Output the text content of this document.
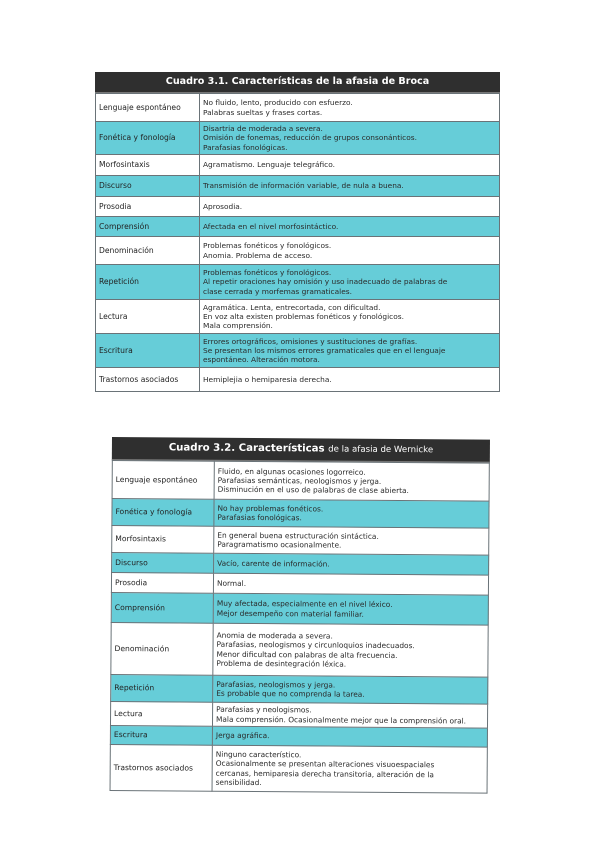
Cuadro 3.1. Características de la afasia de Broca
Lenguaje espontáneo	No fluido, lento, producido con esfuerzo.
Palabras sueltas y frases cortas.

Fonética y fonología	Disartria de moderada a severa.
Omisión de fonemas, reducción de grupos consonánticos.
Parafasias fonológicas.

Morfosintaxis	Agramatismo. Lenguaje telegráfico.

Discurso	Transmisión de información variable, de nula a buena.

Prosodia	Aprosodia.

Comprensión	Afectada en el nivel morfosintáctico.

Denominación	Problemas fonéticos y fonológicos.
Anomia. Problema de acceso.

Repetición	Problemas fonéticos y fonológicos.
Al repetir oraciones hay omisión y uso inadecuado de palabras de
clase cerrada y morfemas gramaticales.

Lectura	Agramática. Lenta, entrecortada, con dificultad.
En voz alta existen problemas fonéticos y fonológicos.
Mala comprensión.

Escritura	Errores ortográficos, omisiones y sustituciones de grafías.
Se presentan los mismos errores gramaticales que en el lenguaje
espontáneo. Alteración motora.

Trastornos asociados	Hemiplejia o hemiparesia derecha.
Cuadro 3.2. Características de la afasia de Wernicke
Lenguaje espontáneo	Fluido, en algunas ocasiones logorreico.
Parafasias semánticas, neologismos y jerga.
Disminución en el uso de palabras de clase abierta.

Fonética y fonología	No hay problemas fonéticos.
Parafasias fonológicas.

Morfosintaxis	En general buena estructuración sintáctica.
Paragramatismo ocasionalmente.

Discurso	Vacío, carente de información.

Prosodia	Normal.

Comprensión	Muy afectada, especialmente en el nivel léxico.
Mejor desempeño con material familiar.

Denominación	Anomia de moderada a severa.
Parafasias, neologismos y circunloquios inadecuados.
Menor dificultad con palabras de alta frecuencia.
Problema de desintegración léxica.

Repetición	Parafasias, neologismos y jerga.
Es probable que no comprenda la tarea.

Lectura	Parafasias y neologismos.
Mala comprensión. Ocasionalmente mejor que la comprensión oral.

Escritura	Jerga agráfica.

Trastornos asociados	Ninguno característico.
Ocasionalmente se presentan alteraciones visuoespaciales
cercanas, hemiparesia derecha transitoria, alteración de la
sensibilidad.
